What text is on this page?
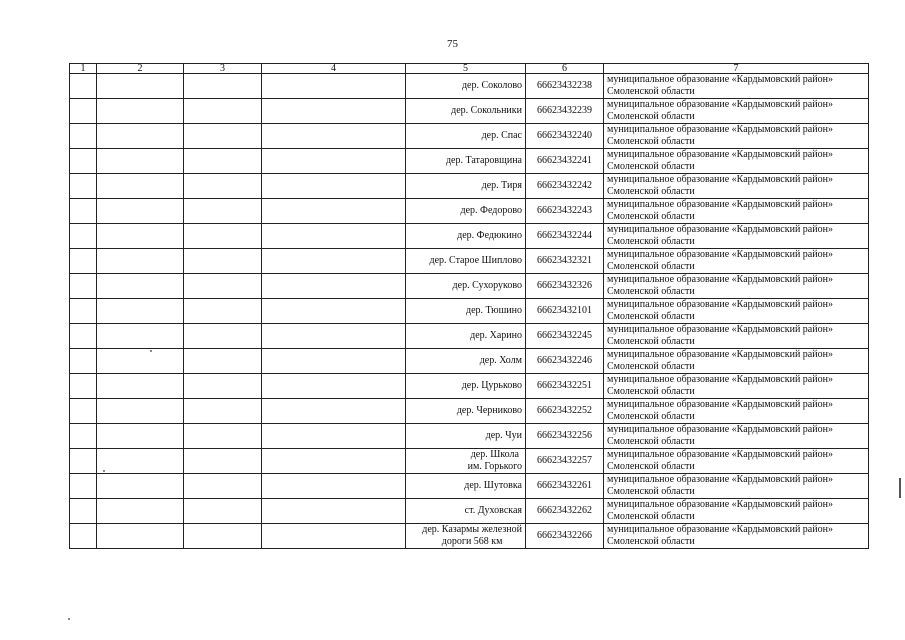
75
1	2	3	4	5	6	7
				дер. Соколово	66623432238	муниципальное образование «Кардымовский район» Смоленской области
				дер. Сокольники	66623432239	муниципальное образование «Кардымовский район» Смоленской области
				дер. Спас	66623432240	муниципальное образование «Кардымовский район» Смоленской области
				дер. Татаровщина	66623432241	муниципальное образование «Кардымовский район» Смоленской области
				дер. Тиря	66623432242	муниципальное образование «Кардымовский район» Смоленской области
				дер. Федорово	66623432243	муниципальное образование «Кардымовский район» Смоленской области
				дер. Федюкино	66623432244	муниципальное образование «Кардымовский район» Смоленской области
				дер. Старое Шиплово	66623432321	муниципальное образование «Кардымовский район» Смоленской области
				дер. Сухоруково	66623432326	муниципальное образование «Кардымовский район» Смоленской области
				дер. Тюшино	66623432101	муниципальное образование «Кардымовский район» Смоленской области
				дер. Харино	66623432245	муниципальное образование «Кардымовский район» Смоленской области
				дер. Холм	66623432246	муниципальное образование «Кардымовский район» Смоленской области
				дер. Цурьково	66623432251	муниципальное образование «Кардымовский район» Смоленской области
				дер. Черниково	66623432252	муниципальное образование «Кардымовский район» Смоленской области
				дер. Чуи	66623432256	муниципальное образование «Кардымовский район» Смоленской области
				дер. Школа
им. Горького	66623432257	муниципальное образование «Кардымовский район» Смоленской области
				дер. Шутовка	66623432261	муниципальное образование «Кардымовский район» Смоленской области
				ст. Духовская	66623432262	муниципальное образование «Кардымовский район» Смоленской области
				дер. Казармы железной
дороги 568 км	66623432266	муниципальное образование «Кардымовский район» Смоленской области
